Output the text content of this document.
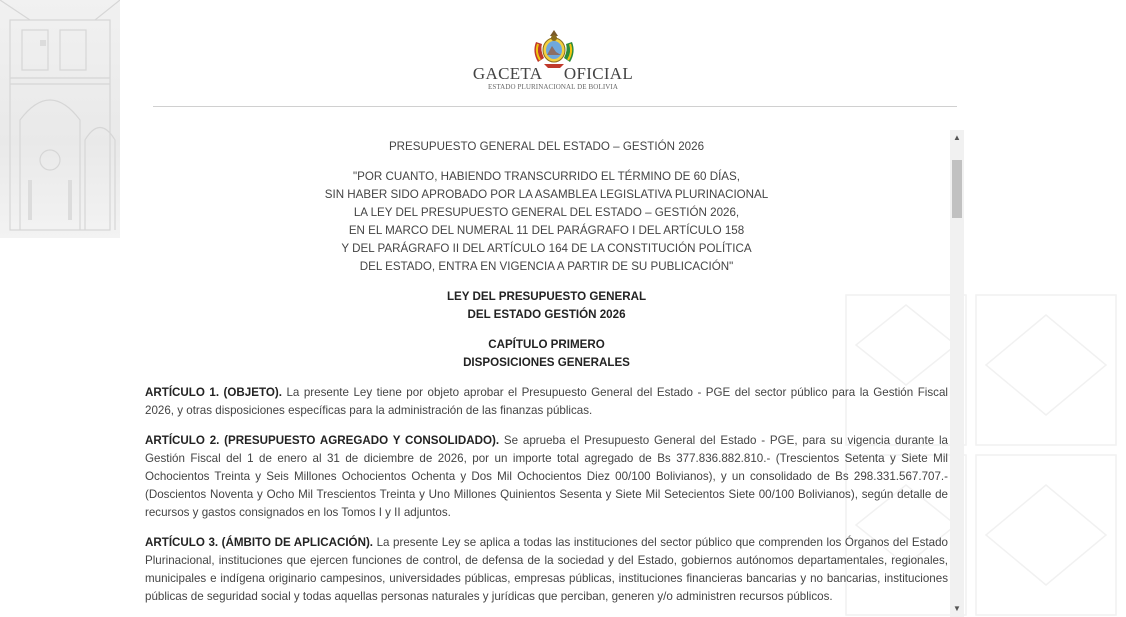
GACETA OFICIAL
ESTADO PLURINACIONAL DE BOLIVIA
PRESUPUESTO GENERAL DEL ESTADO – GESTIÓN 2026
"POR CUANTO, HABIENDO TRANSCURRIDO EL TÉRMINO DE 60 DÍAS,
SIN HABER SIDO APROBADO POR LA ASAMBLEA LEGISLATIVA PLURINACIONAL
LA LEY DEL PRESUPUESTO GENERAL DEL ESTADO – GESTIÓN 2026,
EN EL MARCO DEL NUMERAL 11 DEL PARÁGRAFO I DEL ARTÍCULO 158
Y DEL PARÁGRAFO II DEL ARTÍCULO 164 DE LA CONSTITUCIÓN POLÍTICA
DEL ESTADO, ENTRA EN VIGENCIA A PARTIR DE SU PUBLICACIÓN"
LEY DEL PRESUPUESTO GENERAL
DEL ESTADO GESTIÓN 2026
CAPÍTULO PRIMERO
DISPOSICIONES GENERALES
ARTÍCULO 1. (OBJETO). La presente Ley tiene por objeto aprobar el Presupuesto General del Estado - PGE del sector público para la Gestión Fiscal 2026, y otras disposiciones específicas para la administración de las finanzas públicas.
ARTÍCULO 2. (PRESUPUESTO AGREGADO Y CONSOLIDADO). Se aprueba el Presupuesto General del Estado - PGE, para su vigencia durante la Gestión Fiscal del 1 de enero al 31 de diciembre de 2026, por un importe total agregado de Bs 377.836.882.810.- (Trescientos Setenta y Siete Mil Ochocientos Treinta y Seis Millones Ochocientos Ochenta y Dos Mil Ochocientos Diez 00/100 Bolivianos), y un consolidado de Bs 298.331.567.707.- (Doscientos Noventa y Ocho Mil Trescientos Treinta y Uno Millones Quinientos Sesenta y Siete Mil Setecientos Siete 00/100 Bolivianos), según detalle de recursos y gastos consignados en los Tomos I y II adjuntos.
ARTÍCULO 3. (ÁMBITO DE APLICACIÓN). La presente Ley se aplica a todas las instituciones del sector público que comprenden los Órganos del Estado Plurinacional, instituciones que ejercen funciones de control, de defensa de la sociedad y del Estado, gobiernos autónomos departamentales, regionales, municipales e indígena originario campesinos, universidades públicas, empresas públicas, instituciones financieras bancarias y no bancarias, instituciones públicas de seguridad social y todas aquellas personas naturales y jurídicas que perciban, generen y/o administren recursos públicos.
▲
▼
